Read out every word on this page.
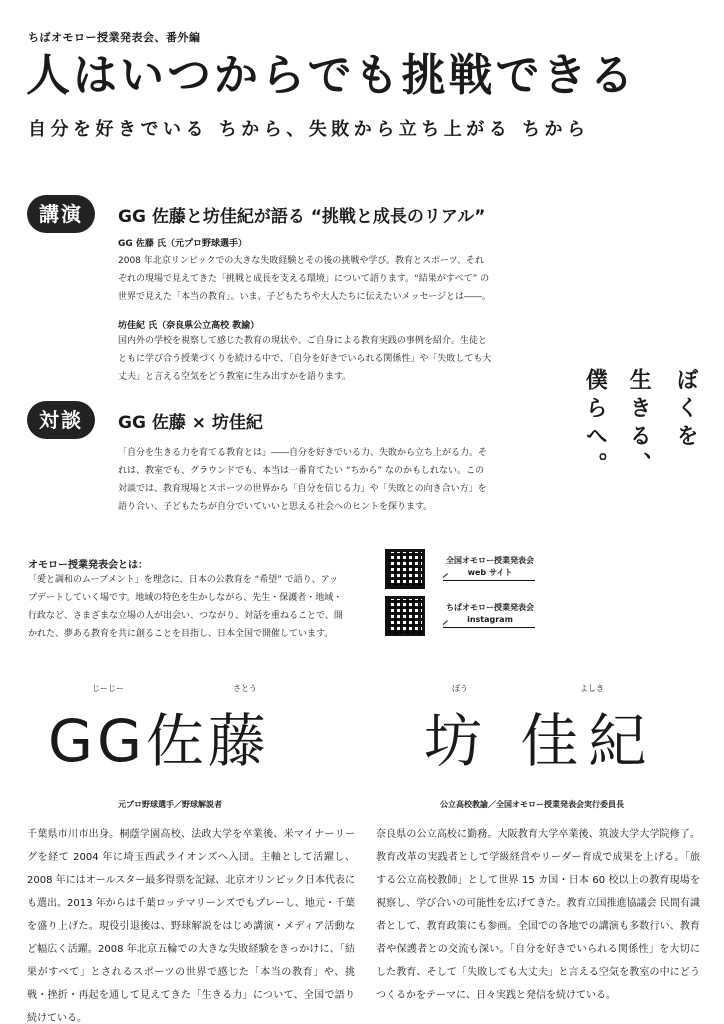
ちばオモロー授業発表会、番外編
人はいつからでも挑戦できる
自分を好きでいる ちから、失敗から立ち上がる ちから
講演	GG 佐藤と坊佳紀が語る “挑戦と成長のリアル”
GG 佐藤 氏（元プロ野球選手）
2008 年北京リンピックでの大きな失敗経験とその後の挑戦や学び。教育とスポーツ、それぞれの現場で見えてきた「挑戦と成長を支える環境」について語ります。“結果がすべて” の世界で見えた「本当の教育」。いま、子どもたちや大人たちに伝えたいメッセージとは――。
坊佳紀 氏（奈良県公立高校 教諭）
国内外の学校を視察して感じた教育の現状や、ご自身による教育実践の事例を紹介。生徒とともに学び合う授業づくりを続ける中で、「自分を好きでいられる関係性」や「失敗しても大丈夫」と言える空気をどう教室に生み出すかを語ります。
対談	GG 佐藤 × 坊佳紀
「自分を生きる力を育てる教育とは」――自分を好きでいる力、失敗から立ち上がる力。それは、教室でも、グラウンドでも、本当は一番育てたい “ちから” なのかもしれない。この対談では、教育現場とスポーツの世界から「自分を信じる力」や「失敗との向き合い方」を語り合い、子どもたちが自分でいていいと思える社会へのヒントを探ります。
ぼくを
生きる、
僕らへ。
オモロー授業発表会とは：
「愛と調和のムーブメント」を理念に、日本の公教育を “希望” で語り、アップデートしていく場です。地域の特色を生かしながら、先生・保護者・地域・行政など、さまざまな立場の人が出会い、つながり、対話を重ねることで、開かれた、夢ある教育を共に創ることを目指し、日本全国で開催しています。
全国オモロー授業発表会
web サイト
ちばオモロー授業発表会
instagram
じーじー	さとう	ぼう	よしき
GG佐藤	坊 佳紀
元プロ野球選手／野球解説者	公立高校教諭／全国オモロー授業発表会実行委員長
千葉県市川市出身。桐蔭学園高校、法政大学を卒業後、米マイナーリーグを経て 2004 年に埼玉西武ライオンズへ入団。主軸として活躍し、2008 年にはオールスター最多得票を記録、北京オリンピック日本代表にも選出。2013 年からは千葉ロッテマリーンズでもプレーし、地元・千葉を盛り上げた。現役引退後は、野球解説をはじめ講演・メディア活動など幅広く活躍。2008 年北京五輪での大きな失敗経験をきっかけに、「結果がすべて」とされるスポーツの世界で感じた「本当の教育」や、挑戦・挫折・再起を通して見えてきた「生きる力」について、全国で語り続けている。
奈良県の公立高校に勤務。大阪教育大学卒業後、筑波大学大学院修了。教育改革の実践者として学級経営やリーダー育成で成果を上げる。「旅する公立高校教師」として世界 15 カ国・日本 60 校以上の教育現場を視察し、学び合いの可能性を広げてきた。教育立国推進協議会 民間有識者として、教育政策にも参画。全国での各地での講演も多数行い、教育者や保護者との交流も深い。「自分を好きでいられる関係性」を大切にした教育、そして「失敗しても大丈夫」と言える空気を教室の中にどうつくるかをテーマに、日々実践と発信を続けている。
